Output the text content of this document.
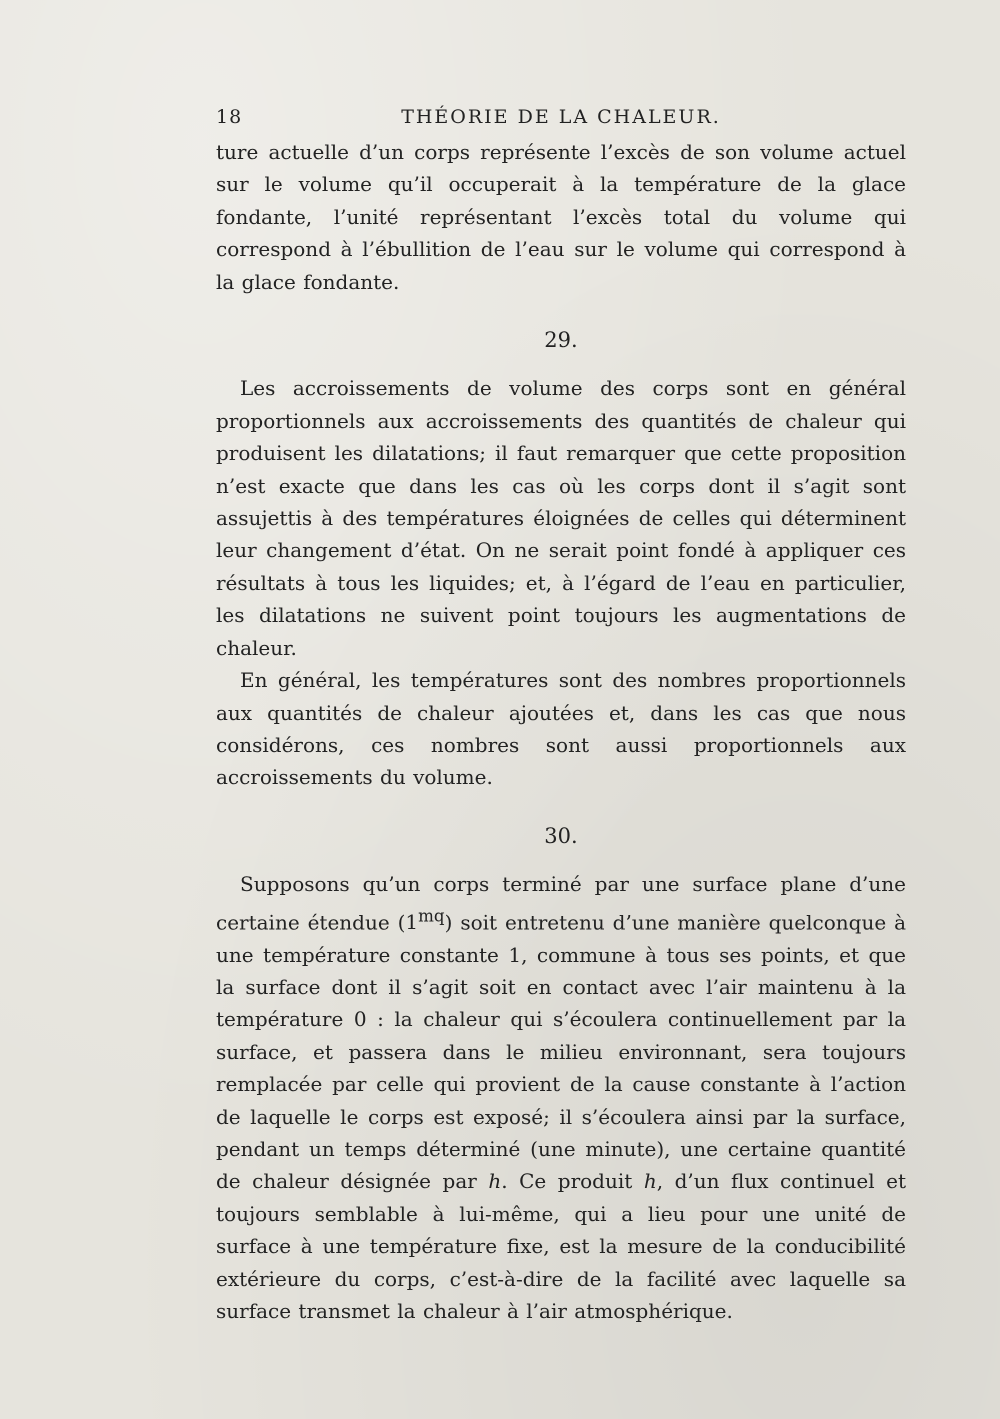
18	THÉORIE DE LA CHALEUR.

ture actuelle d’un corps représente l’excès de son volume actuel sur le volume qu’il occuperait à la température de la glace fondante, l’unité représentant l’excès total du volume qui correspond à l’ébullition de l’eau sur le volume qui correspond à la glace fondante.

29.

Les accroissements de volume des corps sont en général proportionnels aux accroissements des quantités de chaleur qui produisent les dilatations; il faut remarquer que cette proposition n’est exacte que dans les cas où les corps dont il s’agit sont assujettis à des températures éloignées de celles qui déterminent leur changement d’état. On ne serait point fondé à appliquer ces résultats à tous les liquides; et, à l’égard de l’eau en particulier, les dilatations ne suivent point toujours les augmentations de chaleur.

En général, les températures sont des nombres proportionnels aux quantités de chaleur ajoutées et, dans les cas que nous considérons, ces nombres sont aussi proportionnels aux accroissements du volume.

30.

Supposons qu’un corps terminé par une surface plane d’une certaine étendue $(1^{mq})$ soit entretenu d’une manière quelconque à une température constante 1, commune à tous ses points, et que la surface dont il s’agit soit en contact avec l’air maintenu à la température 0 : la chaleur qui s’écoulera continuellement par la surface, et passera dans le milieu environnant, sera toujours remplacée par celle qui provient de la cause constante à l’action de laquelle le corps est exposé; il s’écoulera ainsi par la surface, pendant un temps déterminé (une minute), une certaine quantité de chaleur désignée par h. Ce produit h, d’un flux continuel et toujours semblable à lui-même, qui a lieu pour une unité de surface à une température fixe, est la mesure de la conducibilité extérieure du corps, c’est-à-dire de la facilité avec laquelle sa surface transmet la chaleur à l’air atmosphérique.
